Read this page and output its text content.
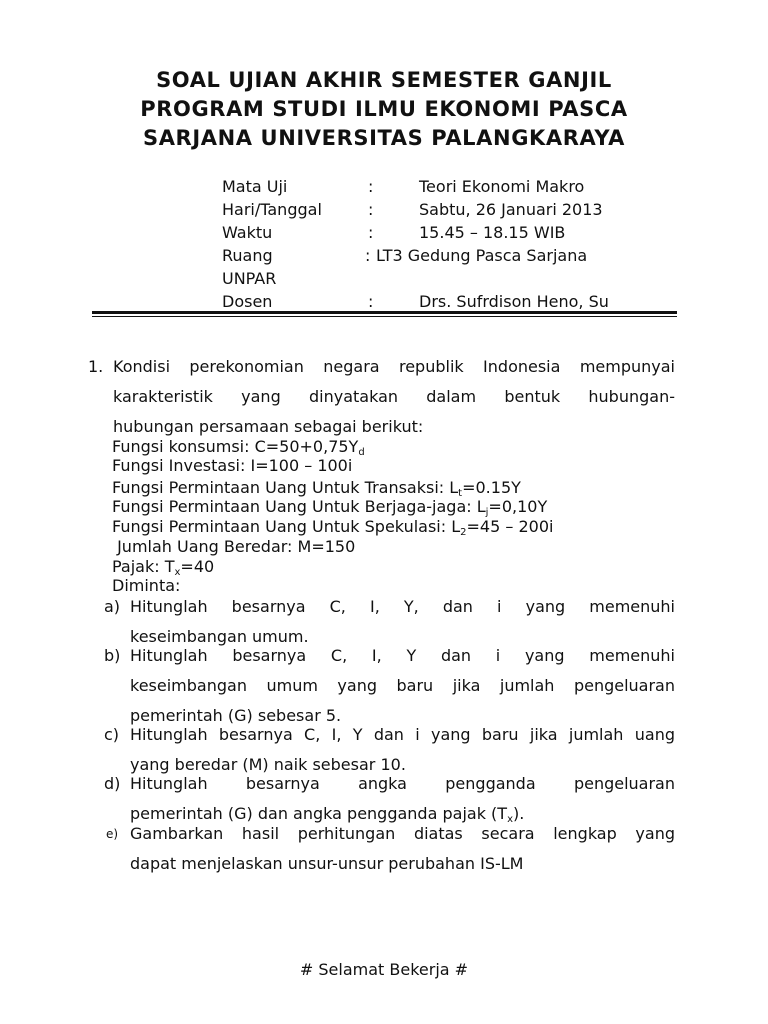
SOAL UJIAN AKHIR SEMESTER GANJIL
PROGRAM STUDI ILMU EKONOMI PASCA
SARJANA UNIVERSITAS PALANGKARAYA
Mata Uji	:	Teori Ekonomi Makro
Hari/Tanggal	:	Sabtu, 26 Januari 2013
Waktu	:	15.45 – 18.15 WIB
Ruang	: LT3 Gedung Pasca Sarjana
UNPAR
Dosen	:	Drs. Sufrdison Heno, Su
1. Kondisi perekonomian negara republik Indonesia mempunyai
karakteristik yang dinyatakan dalam bentuk hubungan-
hubungan persamaan sebagai berikut:
Fungsi konsumsi: $C=50+0,75Y_d$
Fungsi Investasi: I=100 – 100i
Fungsi Permintaan Uang Untuk Transaksi: $L_t=0.15Y$
Fungsi Permintaan Uang Untuk Berjaga-jaga: $L_j=0,10Y$
Fungsi Permintaan Uang Untuk Spekulasi: $L_2=45 - 200i$
Jumlah Uang Beredar: M=150
Pajak: $T_x=40$
Diminta:
a) Hitunglah besarnya C, I, Y, dan i yang memenuhi
keseimbangan umum.
b) Hitunglah besarnya C, I, Y dan i yang memenuhi
keseimbangan umum yang baru jika jumlah pengeluaran
pemerintah (G) sebesar 5.
c) Hitunglah besarnya C, I, Y dan i yang baru jika jumlah uang
yang beredar (M) naik sebesar 10.
d) Hitunglah besarnya angka pengganda pengeluaran
pemerintah (G) dan angka pengganda pajak $(T_x)$.
e) Gambarkan hasil perhitungan diatas secara lengkap yang
dapat menjelaskan unsur-unsur perubahan IS-LM
# Selamat Bekerja #
